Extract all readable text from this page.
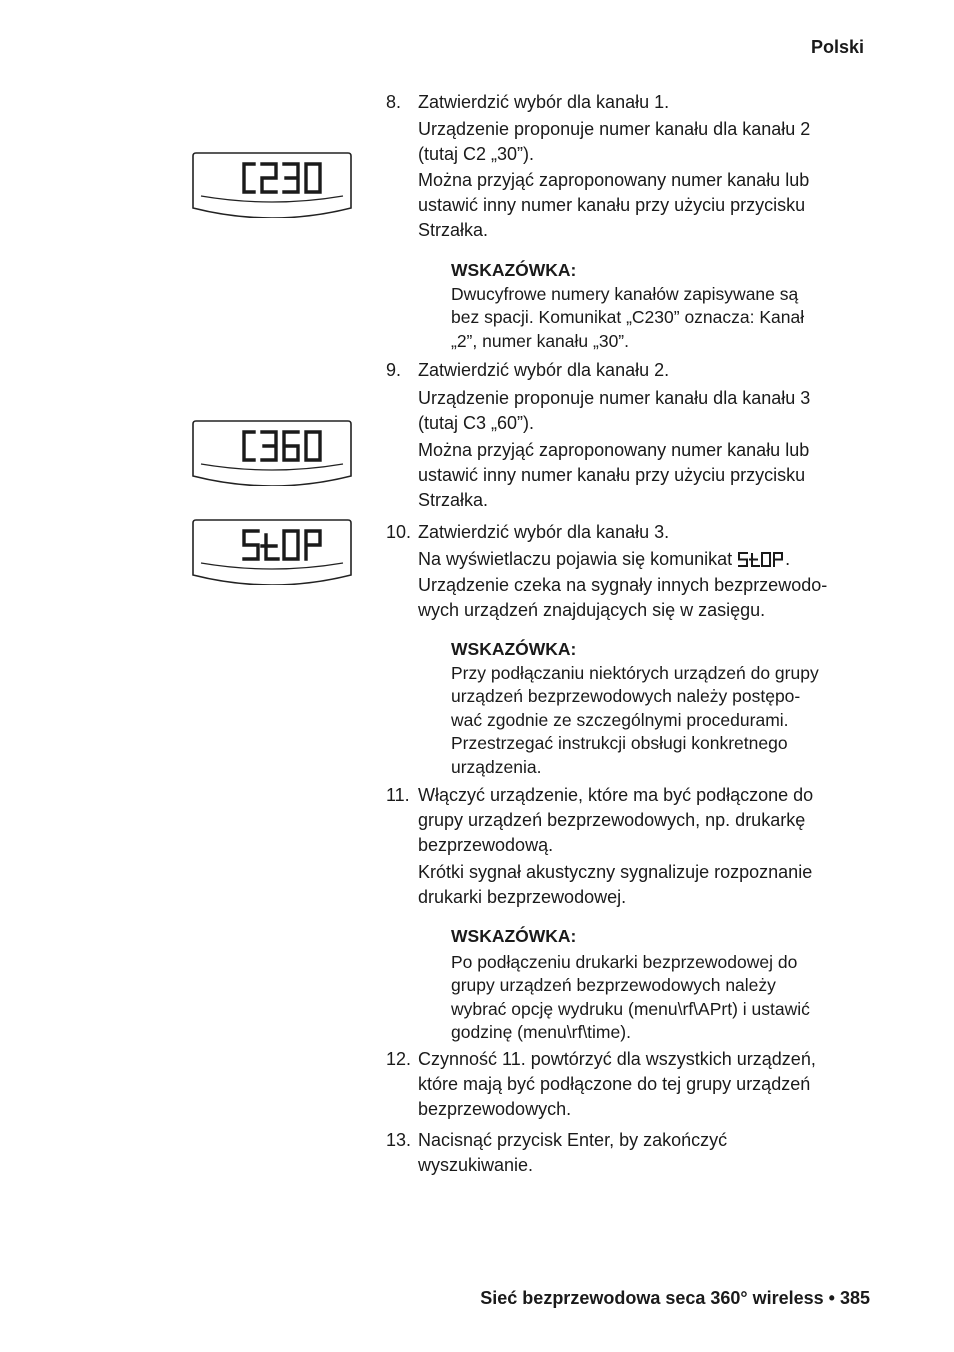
Polski
8. Zatwierdzić wybór dla kanału 1.
Urządzenie proponuje numer kanału dla kanału 2
(tutaj C2 „30”).
Można przyjąć zaproponowany numer kanału lub
ustawić inny numer kanału przy użyciu przycisku
Strzałka.
WSKAZÓWKA:
Dwucyfrowe numery kanałów zapisywane są
bez spacji. Komunikat „C230” oznacza: Kanał
„2”, numer kanału „30”.
9. Zatwierdzić wybór dla kanału 2.
Urządzenie proponuje numer kanału dla kanału 3
(tutaj C3 „60”).
Można przyjąć zaproponowany numer kanału lub
ustawić inny numer kanału przy użyciu przycisku
Strzałka.
10. Zatwierdzić wybór dla kanału 3.
Na wyświetlaczu pojawia się komunikat	.
Urządzenie czeka na sygnały innych bezprzewodo-
wych urządzeń znajdujących się w zasięgu.
WSKAZÓWKA:
Przy podłączaniu niektórych urządzeń do grupy
urządzeń bezprzewodowych należy postępo-
wać zgodnie ze szczególnymi procedurami.
Przestrzegać instrukcji obsługi konkretnego
urządzenia.
11. Włączyć urządzenie, które ma być podłączone do
grupy urządzeń bezprzewodowych, np. drukarkę
bezprzewodową.
Krótki sygnał akustyczny sygnalizuje rozpoznanie
drukarki bezprzewodowej.
WSKAZÓWKA:
Po podłączeniu drukarki bezprzewodowej do
grupy urządzeń bezprzewodowych należy
wybrać opcję wydruku (menu\rf\APrt) i ustawić
godzinę (menu\rf\time).
12. Czynność 11. powtórzyć dla wszystkich urządzeń,
które mają być podłączone do tej grupy urządzeń
bezprzewodowych.
13. Nacisnąć przycisk Enter, by zakończyć
wyszukiwanie.
Sieć bezprzewodowa seca 360° wireless • 385
